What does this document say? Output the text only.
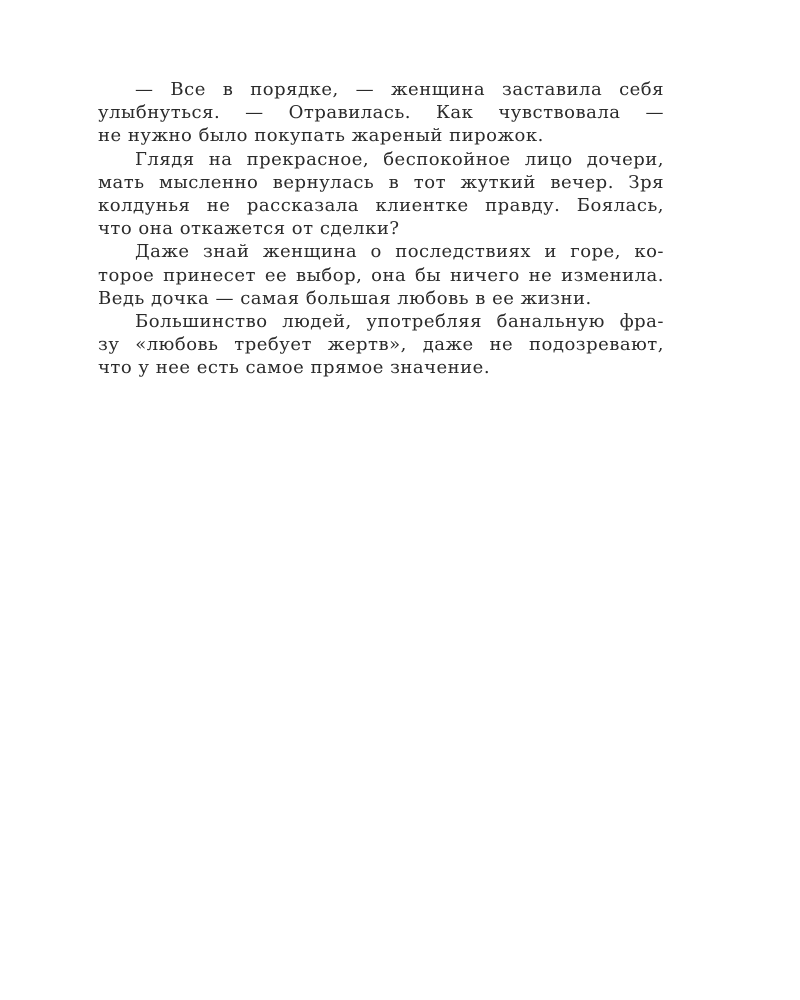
— Все в порядке, — женщина заставила себя
улыбнуться. — Отравилась. Как чувствовала —
не нужно было покупать жареный пирожок.

Глядя на прекрасное, беспокойное лицо дочери,
мать мысленно вернулась в тот жуткий вечер. Зря
колдунья не рассказала клиентке правду. Боялась,
что она откажется от сделки?

Даже знай женщина о последствиях и горе, ко-
торое принесет ее выбор, она бы ничего не изменила.
Ведь дочка — самая большая любовь в ее жизни.

Большинство людей, употребляя банальную фра-
зу «любовь требует жертв», даже не подозревают,
что у нее есть самое прямое значение.
